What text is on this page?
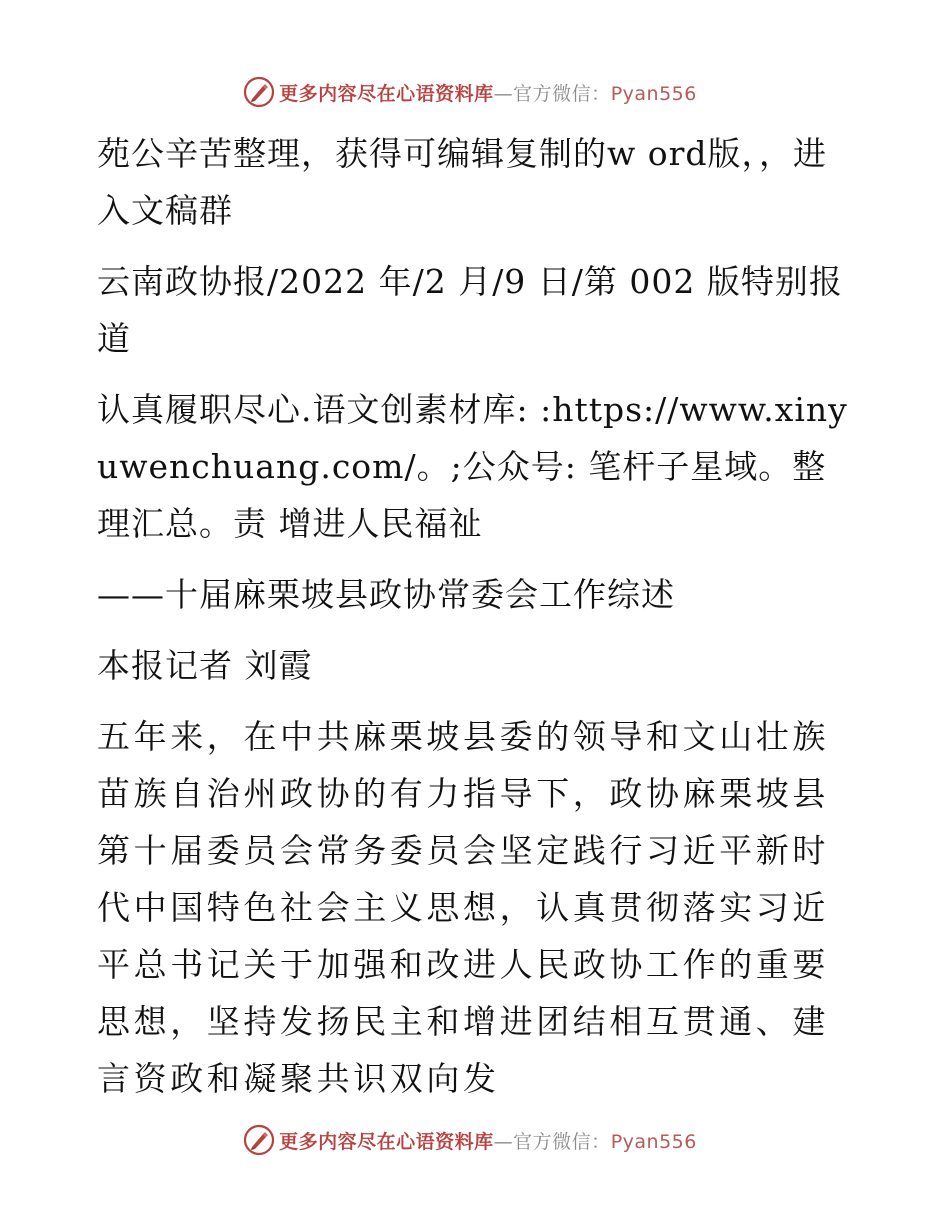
更多内容尽在心语资料库—官方微信：Pyan556

苑公辛苦整理，获得可编辑复制的w ord版，，进入文稿群

云南政协报/2022 年/2 月/9 日/第 002 版特别报道

认真履职尽心.语文创素材库: :https://www.xinyuwenchuang.com/。;公众号: 笔杆子星域。整理汇总。责 增进人民福祉

——十届麻栗坡县政协常委会工作综述

本报记者 刘霞

五年来，在中共麻栗坡县委的领导和文山壮族苗族自治州政协的有力指导下，政协麻栗坡县第十届委员会常务委员会坚定践行习近平新时代中国特色社会主义思想，认真贯彻落实习近平总书记关于加强和改进人民政协工作的重要思想，坚持发扬民主和增进团结相互贯通、建言资政和凝聚共识双向发

更多内容尽在心语资料库—官方微信：Pyan556
